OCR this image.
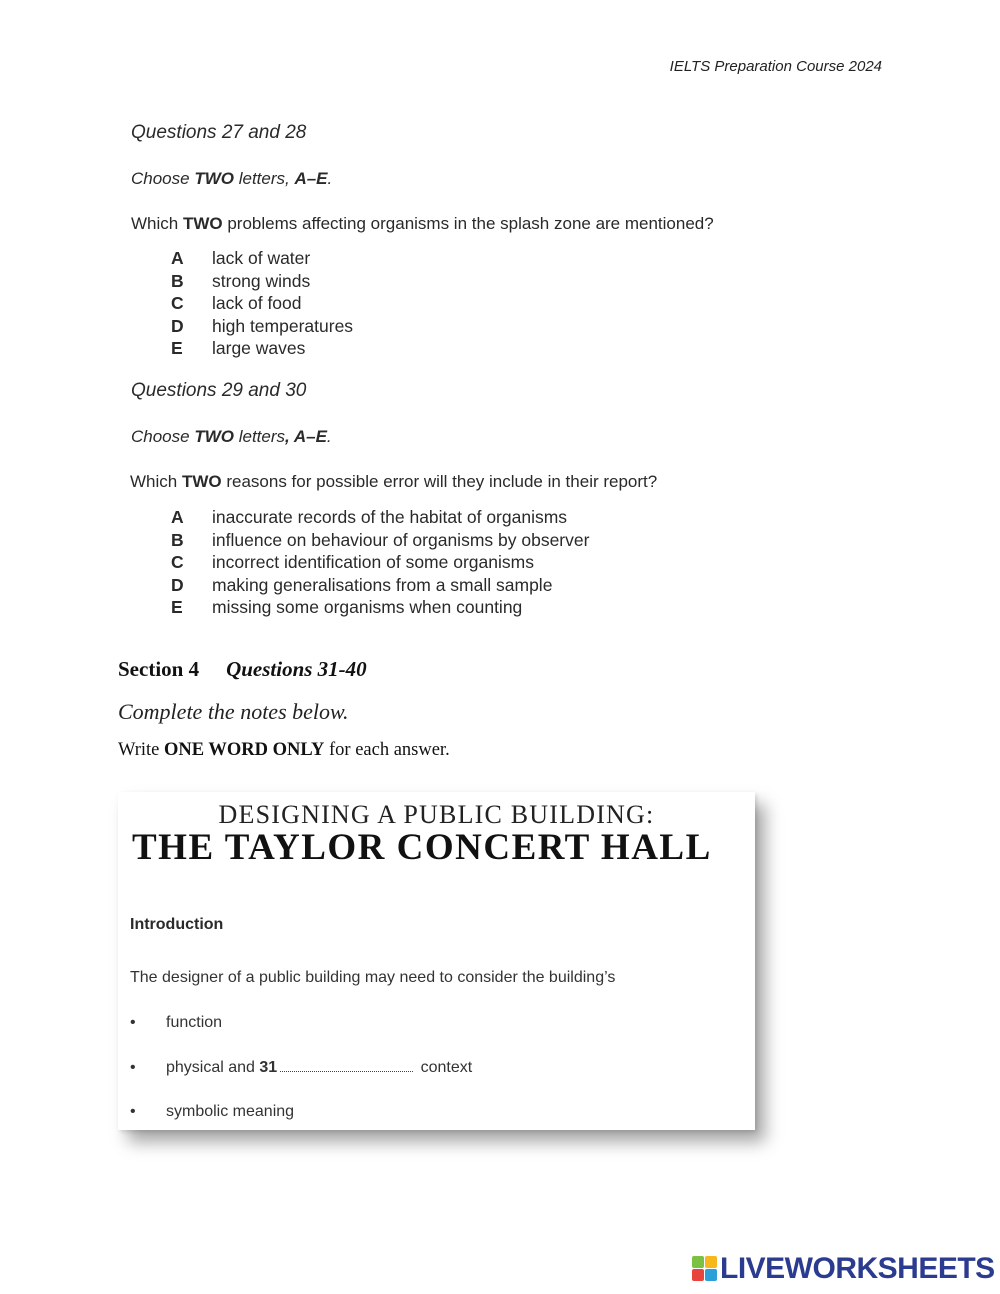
IELTS Preparation Course 2024

Questions 27 and 28

Choose TWO letters, A–E.

Which TWO problems affecting organisms in the splash zone are mentioned?

A lack of water
B strong winds
C lack of food
D high temperatures
E large waves

Questions 29 and 30

Choose TWO letters, A–E.

Which TWO reasons for possible error will they include in their report?

A inaccurate records of the habitat of organisms
B influence on behaviour of organisms by observer
C incorrect identification of some organisms
D making generalisations from a small sample
E missing some organisms when counting
Section 4 Questions 31-40
Complete the notes below.
Write ONE WORD ONLY for each answer.
DESIGNING A PUBLIC BUILDING:
THE TAYLOR CONCERT HALL
Introduction
The designer of a public building may need to consider the building’s
• function
• physical and 31	context
• symbolic meaning
LIVEWORKSHEETS
